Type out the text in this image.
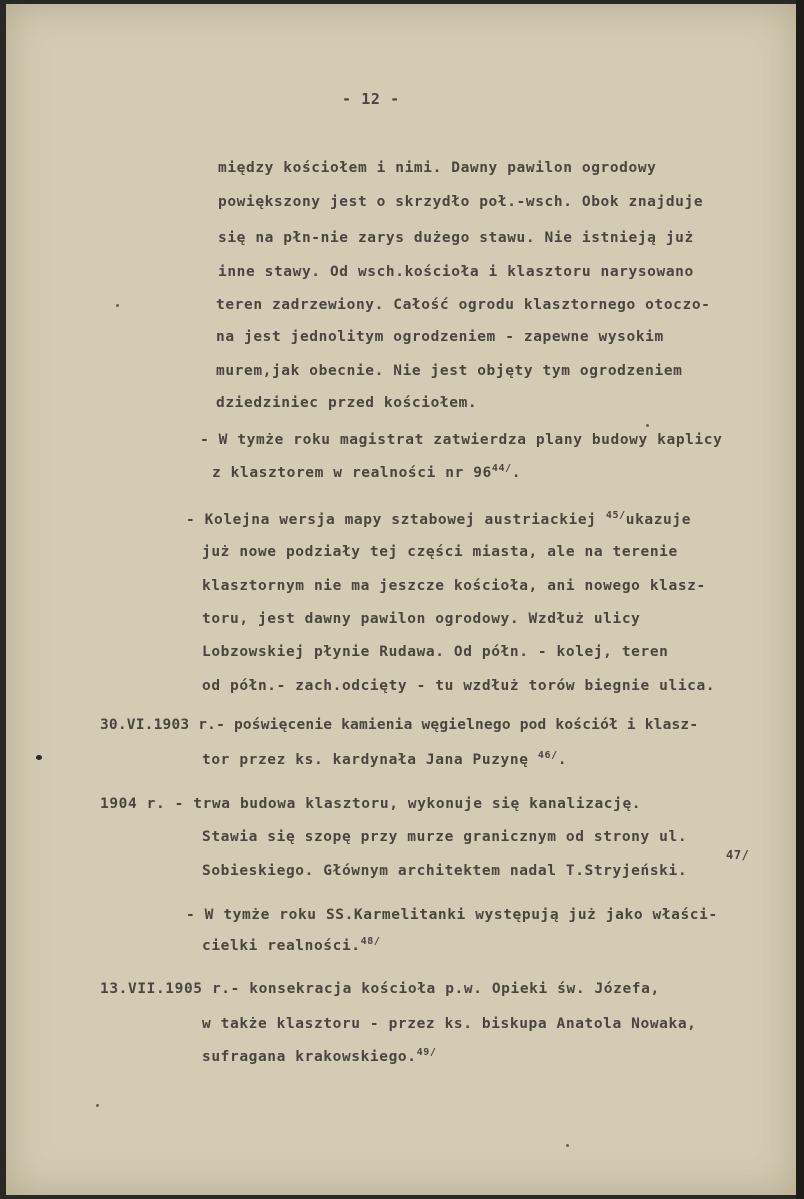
- 12 -
między kościołem i nimi. Dawny pawilon ogrodowy
powiększony jest o skrzydło poł.-wsch. Obok znajduje
się na płn-nie zarys dużego stawu. Nie istnieją już
inne stawy. Od wsch.kościoła i klasztoru narysowano
teren zadrzewiony. Całość ogrodu klasztornego otoczo-
na jest jednolitym ogrodzeniem - zapewne wysokim
murem,jak obecnie. Nie jest objęty tym ogrodzeniem
dziedziniec przed kościołem.
- W tymże roku magistrat zatwierdza plany budowy kaplicy
z klasztorem w realności nr $96^{44/}$.
- Kolejna wersja mapy sztabowej austriackiej $^{45/}$ukazuje
już nowe podziały tej części miasta, ale na terenie
klasztornym nie ma jeszcze kościoła, ani nowego klasz-
toru, jest dawny pawilon ogrodowy. Wzdłuż ulicy
Lobzowskiej płynie Rudawa. Od półn. - kolej, teren
od półn.- zach.odcięty - tu wzdłuż torów biegnie ulica.
30.VI.1903 r.- poświęcenie kamienia węgielnego pod kościół i klasz-
tor przez ks. kardynała Jana Puzynę $^{46/}$.
1904 r. - trwa budowa klasztoru, wykonuje się kanalizację.
Stawia się szopę przy murze granicznym od strony ul.
47/
Sobieskiego. Głównym architektem nadal T.Stryjeński.
- W tymże roku SS.Karmelitanki występują już jako właści-
cielki realności.$^{48/}$
13.VII.1905 r.- konsekracja kościoła p.w. Opieki św. Józefa,
w także klasztoru - przez ks. biskupa Anatola Nowaka,
sufragana krakowskiego.$^{49/}$
